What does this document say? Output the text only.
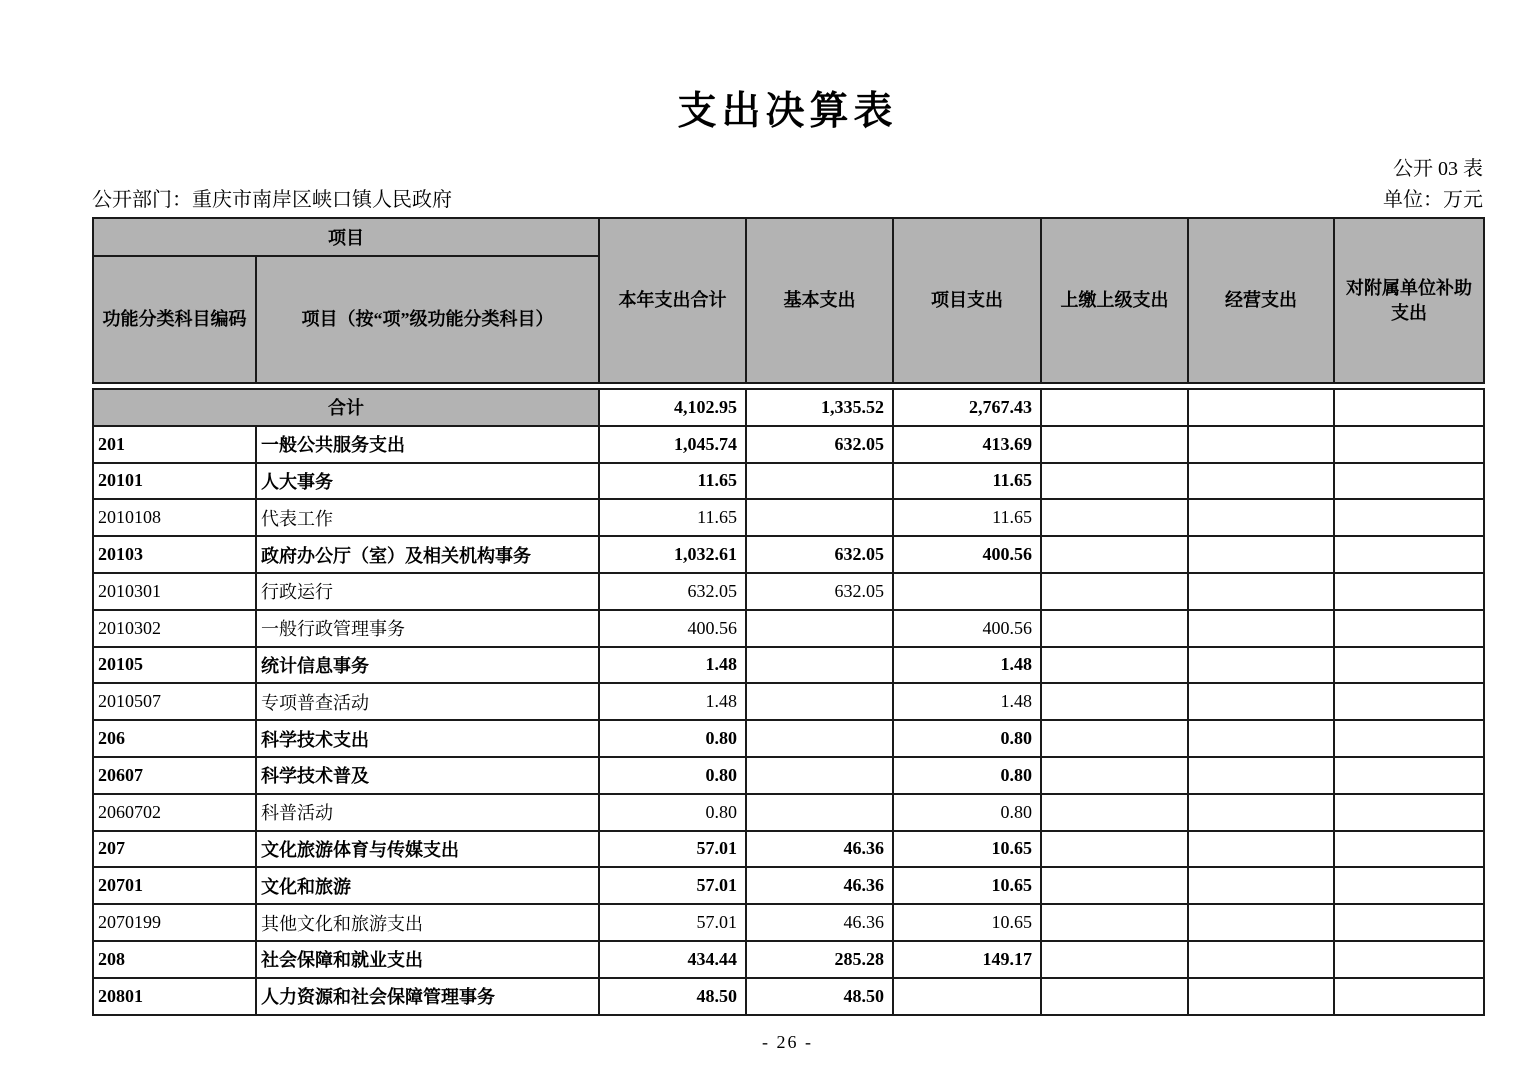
支出决算表
公开 03 表
公开部门：重庆市南岸区峡口镇人民政府	单位：万元
项目		本年支出合计	基本支出	项目支出	上缴上级支出	经营支出	对附属单位补助支出
功能分类科目编码	项目（按“项”级功能分类科目）						
合计		4,102.95	1,335.52	2,767.43			
201	一般公共服务支出	1,045.74	632.05	413.69			
20101	人大事务	11.65		11.65			
2010108	代表工作	11.65		11.65			
20103	政府办公厅（室）及相关机构事务	1,032.61	632.05	400.56			
2010301	行政运行	632.05	632.05				
2010302	一般行政管理事务	400.56		400.56			
20105	统计信息事务	1.48		1.48			
2010507	专项普查活动	1.48		1.48			
206	科学技术支出	0.80		0.80			
20607	科学技术普及	0.80		0.80			
2060702	科普活动	0.80		0.80			
207	文化旅游体育与传媒支出	57.01	46.36	10.65			
20701	文化和旅游	57.01	46.36	10.65			
2070199	其他文化和旅游支出	57.01	46.36	10.65			
208	社会保障和就业支出	434.44	285.28	149.17			
20801	人力资源和社会保障管理事务	48.50	48.50				
- 26 -
